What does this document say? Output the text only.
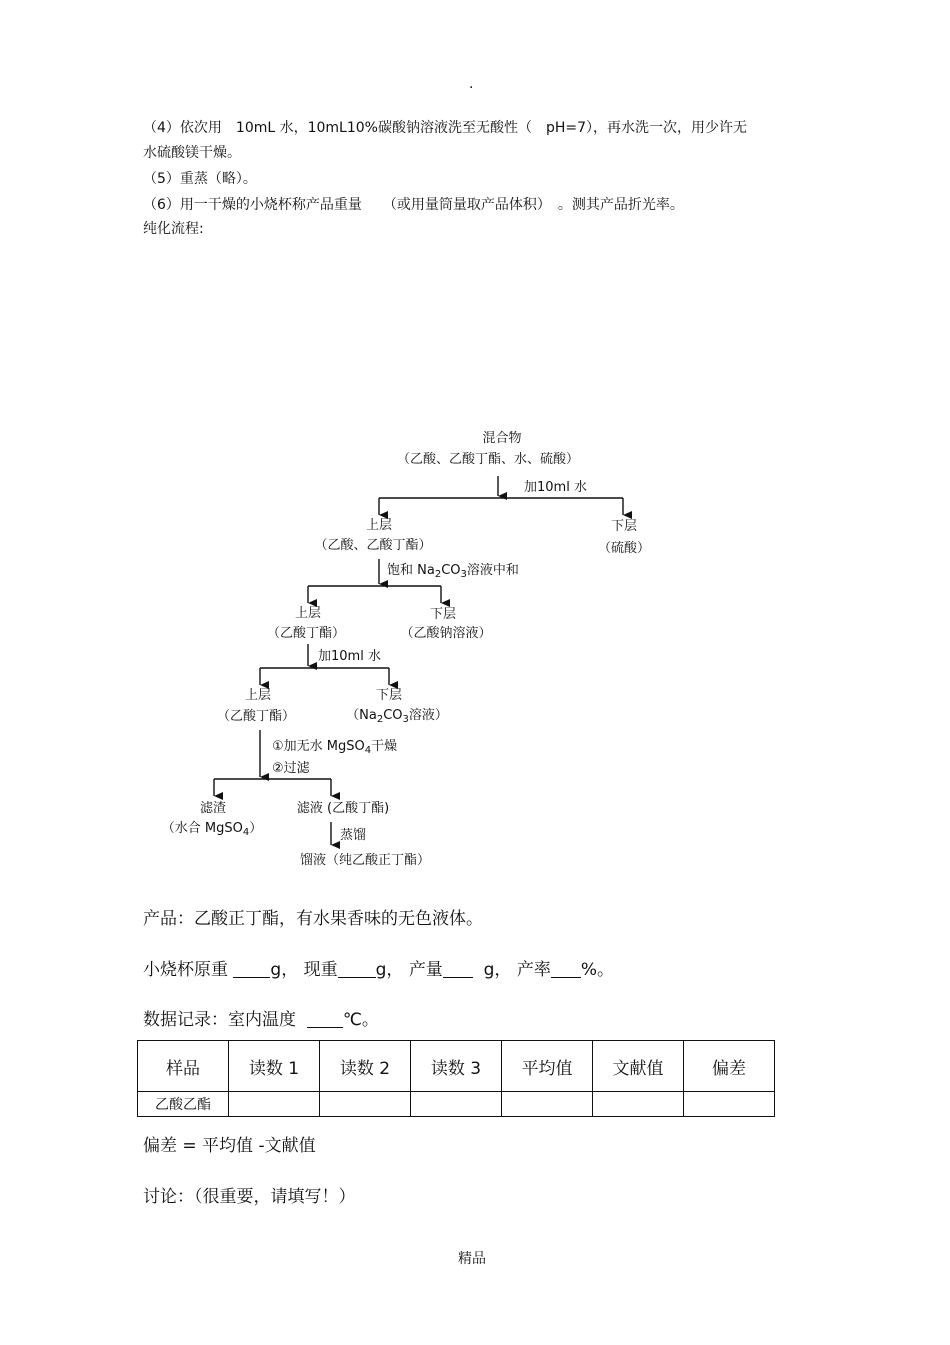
.
（4）依次用　10mL 水，10mL10%碳酸钠溶液洗至无酸性（　pH=7），再水洗一次，用少许无
水硫酸镁干燥。
（5）重蒸（略）。
（6）用一干燥的小烧杯称产品重量　　（或用量筒量取产品体积）　。测其产品折光率。
纯化流程:
混合物
（乙酸、乙酸丁酯、水、硫酸）
加10ml 水
上层
（乙酸、乙酸丁酯）
下层
（硫酸）
饱和 $Na_2CO_3$溶液中和
上层
（乙酸丁酯）
下层
（乙酸钠溶液）
加10ml 水
上层
（乙酸丁酯）
下层
（$Na_2CO_3$溶液）
①加无水 MgSO$_4$干燥
②过滤
滤渣
（水合 MgSO$_4$）
滤液 (乙酸丁酯)
蒸馏
馏液（纯乙酸正丁酯）
产品：乙酸正丁酯，有水果香味的无色液体。
小烧杯原重 g， 现重 g， 产量 g， 产率 %。
数据记录：室内温度	℃。
样品	读数 1	读数 2	读数 3	平均值	文献值	偏差
乙酸乙酯						
偏差 = 平均值 -文献值
讨论：（很重要，请填写！）
精品
